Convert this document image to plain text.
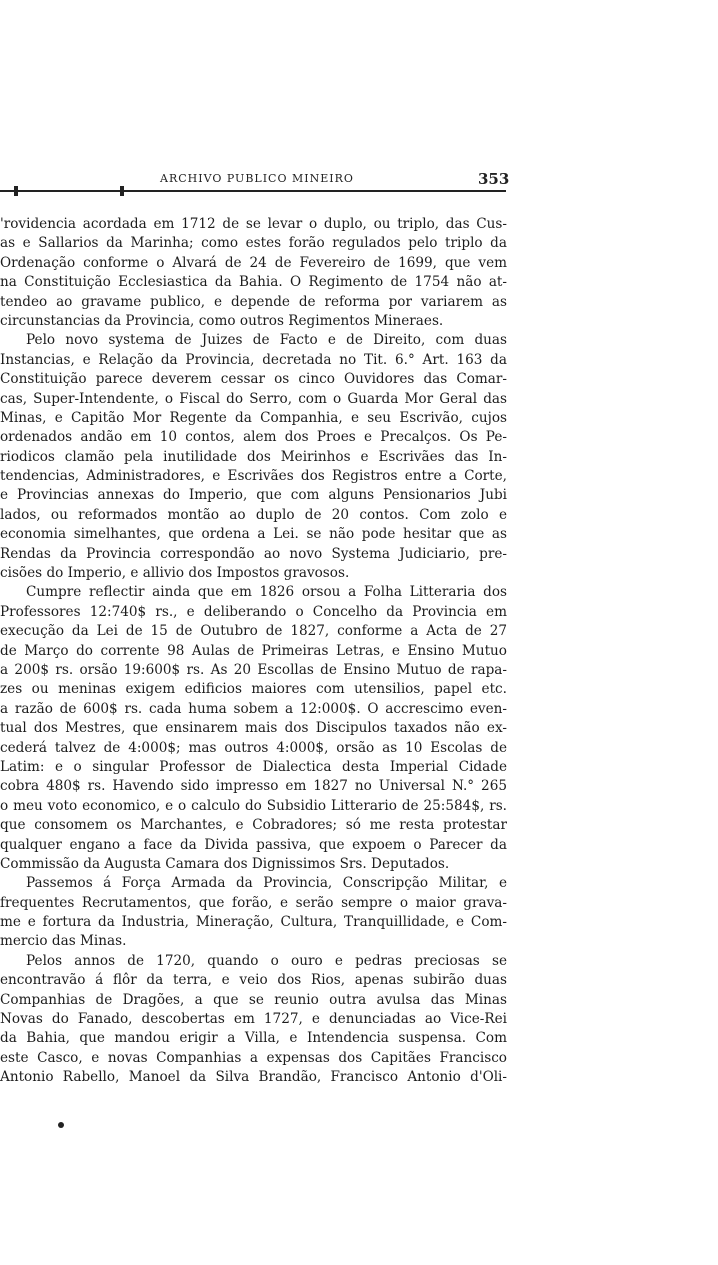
ARCHIVO PUBLICO MINEIRO	353
'rovidencia acordada em 1712 de se levar o duplo, ou triplo, das Cus-
as e Sallarios da Marinha; como estes forão regulados pelo triplo da
Ordenação conforme o Alvará de 24 de Fevereiro de 1699, que vem
na Constituição Ecclesiastica da Bahia. O Regimento de 1754 não at-
tendeo ao gravame publico, e depende de reforma por variarem as
circunstancias da Provincia, como outros Regimentos Mineraes.
Pelo novo systema de Juizes de Facto e de Direito, com duas
Instancias, e Relação da Provincia, decretada no Tit. 6.° Art. 163 da
Constituição parece deverem cessar os cinco Ouvidores das Comar-
cas, Super-Intendente, o Fiscal do Serro, com o Guarda Mor Geral das
Minas, e Capitão Mor Regente da Companhia, e seu Escrivão, cujos
ordenados andão em 10 contos, alem dos Proes e Precalços. Os Pe-
riodicos clamão pela inutilidade dos Meirinhos e Escrivães das In-
tendencias, Administradores, e Escrivães dos Registros entre a Corte,
e Provincias annexas do Imperio, que com alguns Pensionarios Jubi
lados, ou reformados montão ao duplo de 20 contos. Com zolo e
economia simelhantes, que ordena a Lei. se não pode hesitar que as
Rendas da Provincia correspondão ao novo Systema Judiciario, pre-
cisões do Imperio, e allivio dos Impostos gravosos.
Cumpre reflectir ainda que em 1826 orsou a Folha Litteraria dos
Professores 12:740$ rs., e deliberando o Concelho da Provincia em
execução da Lei de 15 de Outubro de 1827, conforme a Acta de 27
de Março do corrente 98 Aulas de Primeiras Letras, e Ensino Mutuo
a 200$ rs. orsão 19:600$ rs. As 20 Escollas de Ensino Mutuo de rapa-
zes ou meninas exigem edificios maiores com utensilios, papel etc.
a razão de 600$ rs. cada huma sobem a 12:000$. O accrescimo even-
tual dos Mestres, que ensinarem mais dos Discipulos taxados não ex-
cederá talvez de 4:000$; mas outros 4:000$, orsão as 10 Escolas de
Latim: e o singular Professor de Dialectica desta Imperial Cidade
cobra 480$ rs. Havendo sido impresso em 1827 no Universal N.° 265
o meu voto economico, e o calculo do Subsidio Litterario de 25:584$, rs.
que consomem os Marchantes, e Cobradores; só me resta protestar
qualquer engano a face da Divida passiva, que expoem o Parecer da
Commissão da Augusta Camara dos Dignissimos Srs. Deputados.
Passemos á Força Armada da Provincia, Conscripção Militar, e
frequentes Recrutamentos, que forão, e serão sempre o maior grava-
me e fortura da Industria, Mineração, Cultura, Tranquillidade, e Com-
mercio das Minas.
Pelos annos de 1720, quando o ouro e pedras preciosas se
encontravão á flôr da terra, e veio dos Rios, apenas subirão duas
Companhias de Dragões, a que se reunio outra avulsa das Minas
Novas do Fanado, descobertas em 1727, e denunciadas ao Vice-Rei
da Bahia, que mandou erigir a Villa, e Intendencia suspensa. Com
este Casco, e novas Companhias a expensas dos Capitães Francisco
Antonio Rabello, Manoel da Silva Brandão, Francisco Antonio d'Oli-
